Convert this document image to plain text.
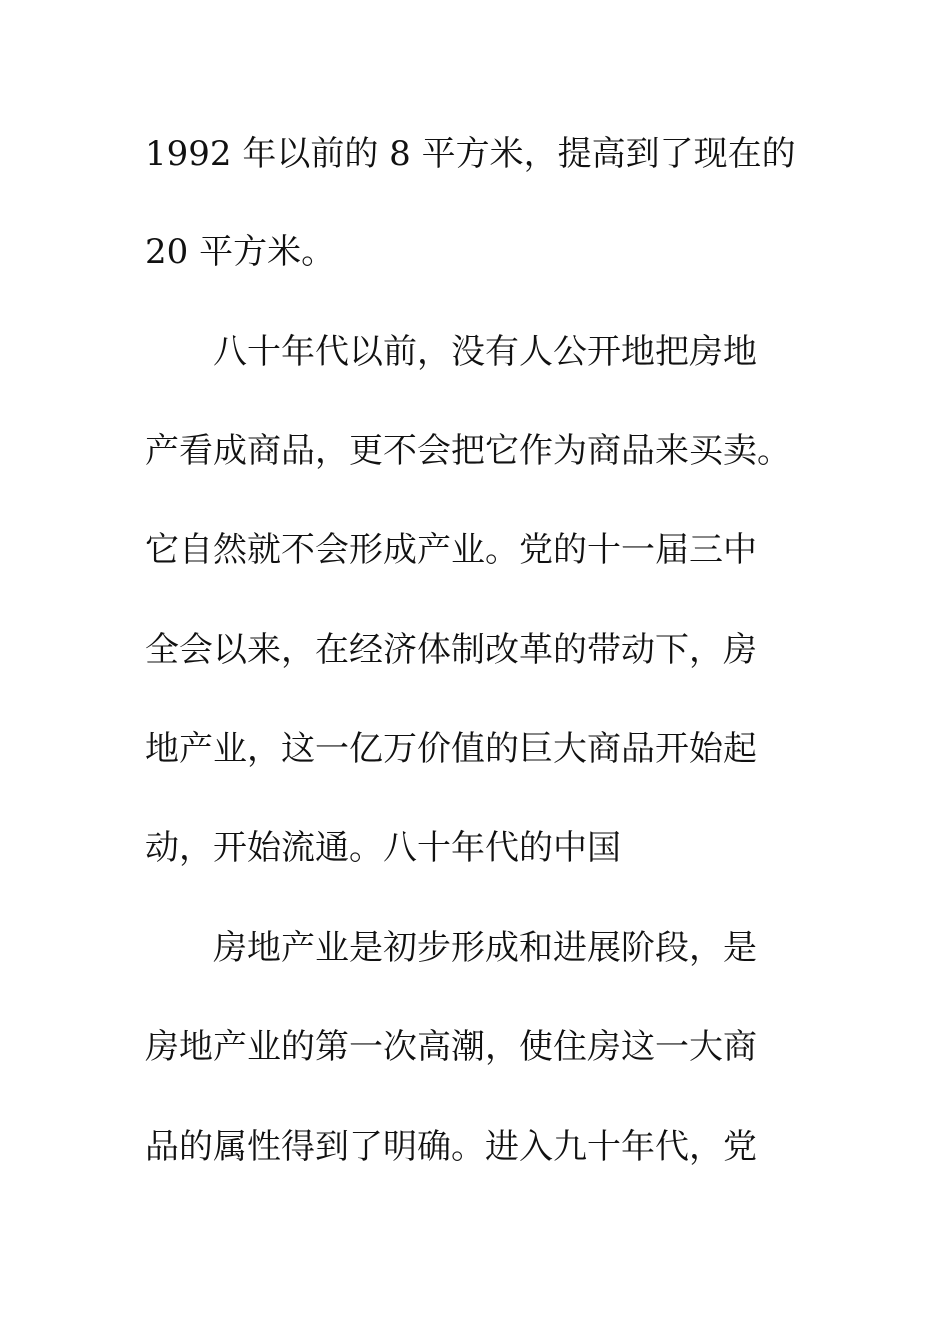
1992 年以前的 8 平方米，提高到了现在的
20 平方米。
八十年代以前，没有人公开地把房地
产看成商品，更不会把它作为商品来买卖。
它自然就不会形成产业。党的十一届三中
全会以来，在经济体制改革的带动下，房
地产业，这一亿万价值的巨大商品开始起
动，开始流通。八十年代的中国
房地产业是初步形成和进展阶段，是
房地产业的第一次高潮，使住房这一大商
品的属性得到了明确。进入九十年代，党
